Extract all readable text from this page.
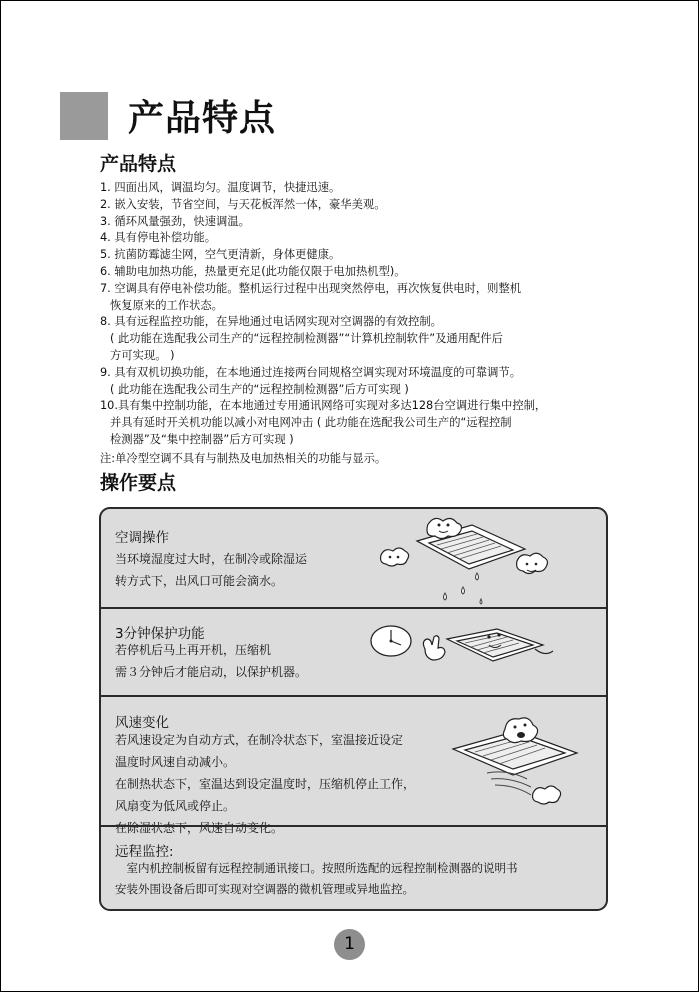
产品特点
产品特点
1. 四面出风，调温均匀。温度调节，快捷迅速。
2. 嵌入安装，节省空间，与天花板浑然一体，豪华美观。
3. 循环风量强劲，快速调温。
4. 具有停电补偿功能。
5. 抗菌防霉滤尘网，空气更清新，身体更健康。
6. 辅助电加热功能，热量更充足(此功能仅限于电加热机型)。
7. 空调具有停电补偿功能。整机运行过程中出现突然停电，再次恢复供电时，则整机
恢复原来的工作状态。
8. 具有远程监控功能，在异地通过电话网实现对空调器的有效控制。
( 此功能在选配我公司生产的“远程控制检测器”“计算机控制软件”及通用配件后
方可实现。 )
9. 具有双机切换功能，在本地通过连接两台同规格空调实现对环境温度的可靠调节。
( 此功能在选配我公司生产的“远程控制检测器”后方可实现 )
10.具有集中控制功能，在本地通过专用通讯网络可实现对多达128台空调进行集中控制，
并具有延时开关机功能以减小对电网冲击 ( 此功能在选配我公司生产的“远程控制
检测器”及“集中控制器”后方可实现 )
注:单冷型空调不具有与制热及电加热相关的功能与显示。
操作要点
空调操作
当环境湿度过大时，在制冷或除湿运
转方式下，出风口可能会滴水。
3分钟保护功能
若停机后马上再开机，压缩机
需３分钟后才能启动，以保护机器。
风速变化
若风速设定为自动方式，在制冷状态下，室温接近设定
温度时风速自动减小。
在制热状态下，室温达到设定温度时，压缩机停止工作，
风扇变为低风或停止。
在除湿状态下，风速自动变化。
远程监控:
　室内机控制板留有远程控制通讯接口。按照所选配的远程控制检测器的说明书
安装外围设备后即可实现对空调器的微机管理或异地监控。
1
